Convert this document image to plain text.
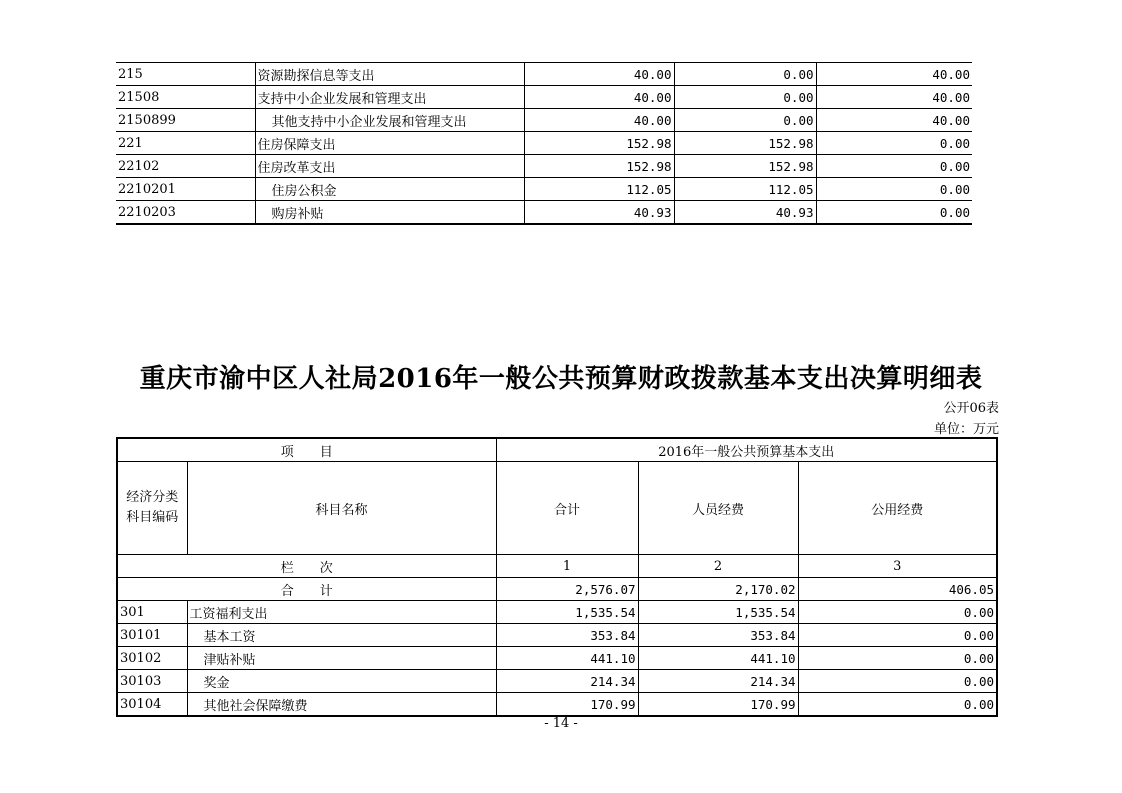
215	资源勘探信息等支出	40.00	0.00	40.00
21508	支持中小企业发展和管理支出	40.00	0.00	40.00
2150899	其他支持中小企业发展和管理支出	40.00	0.00	40.00
221	住房保障支出	152.98	152.98	0.00
22102	住房改革支出	152.98	152.98	0.00
2210201	住房公积金	112.05	112.05	0.00
2210203	购房补贴	40.93	40.93	0.00
重庆市渝中区人社局2016年一般公共预算财政拨款基本支出决算明细表
公开06表
单位：万元
项　　目		2016年一般公共预算基本支出		
经济分类科目编码	科目名称	合计	人员经费	公用经费
栏　　次		1	2	3
合　　计		2,576.07	2,170.02	406.05
301	工资福利支出	1,535.54	1,535.54	0.00
30101	基本工资	353.84	353.84	0.00
30102	津贴补贴	441.10	441.10	0.00
30103	奖金	214.34	214.34	0.00
30104	其他社会保障缴费	170.99	170.99	0.00
- 14 -
